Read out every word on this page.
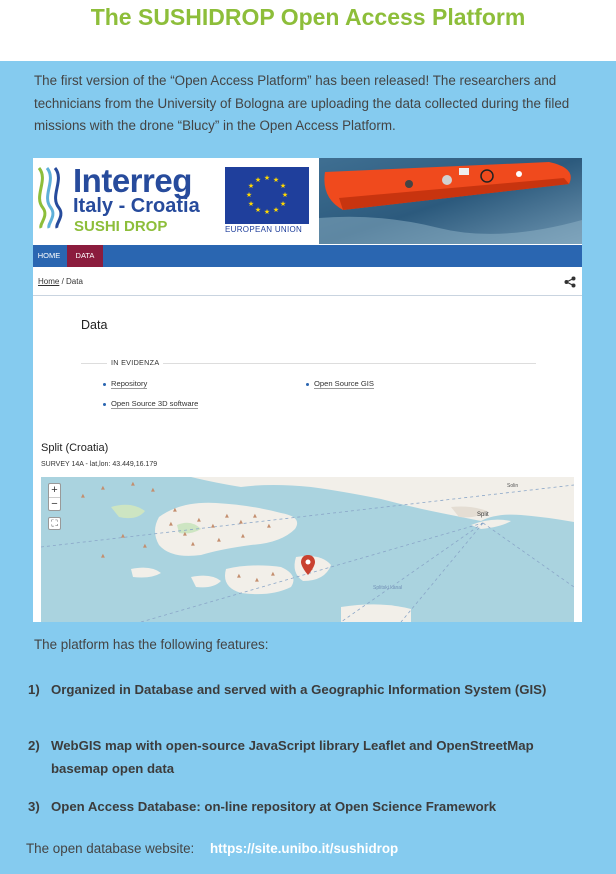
The SUSHIDROP Open Access Platform

The first version of the “Open Access Platform” has been released! The researchers and technicians from the University of Bologna are uploading the data collected during the filed missions with the drone “Blucy” in the Open Access Platform.

Interreg
Italy - Croatia
SUSHI DROP
★ ★
★
★
★
★
★
★
★
★
★
★
EUROPEAN UNION
HOME	DATA
Home / Data
Data
IN EVIDENZA
Repository	Open Source GIS
Open Source 3D software
Split (Croatia)
SURVEY 14A - lat,lon: 43.449,16.179
▲
▲
▲
▲
▲
▲
▲
▲
▲
▲
▲
▲
▲
▲
▲
▲
▲
▲
▲
▲
▲
▲
Split
Solin
Splitski kanal
+
−
⛶

The platform has the following features:

1) Organized in Database and served with a Geographic Information System (GIS)
2) WebGIS map with open-source JavaScript library Leaflet and OpenStreetMap basemap open data
3) Open Access Database: on-line repository at Open Science Framework
The open database website: https://site.unibo.it/sushidrop
